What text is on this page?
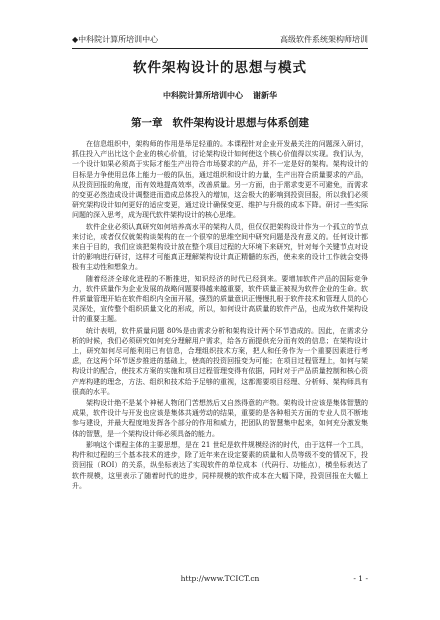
◆中科院计算所培训中心	高级软件系统架构师培训
软件架构设计的思想与模式
中科院计算所培训中心 谢新华
第一章 软件架构设计思想与体系创建

在信息组织中，架构师的作用是举足轻重的。本课程针对企业开发最关注的问题深入研讨，抓住投入产出比这个企业的核心价值，讨论架构设计如何使这个核心价值得以实现。我们认为，一个设计如果必须高于实际才能生产出符合市场要求的产品，并不一定是好的架构。架构设计的目标是力争使用总体上能力一般的队伍，通过组织和设计的力量，生产出符合质量要求的产品，从投资回报的角度，而有效地提高效率，改善质量。另一方面，由于需求变更不可避免，而需求的变更必然造成设计调整进而造成总体投入的增加，这会极大的影响到投资回报，所以我们必须研究架构设计如何更好的适应变更，通过设计确保变更、维护与升级的成本下降。研讨一些实际问题的深入思考，成为现代软件架构设计的核心思维。

软件企业必须认真研究如何培养高水平的架构人员，但仅仅把架构设计作为一个孤立的节点来讨论，或者仅仅就架构谈架构的在一个很窄的思维空间中研究问题是没有意义的。任何设计都来自于目的，我们应该把架构设计放在整个项目过程的大环境下来研究，针对每个关键节点对设计的影响进行研讨，这样才可能真正理解架构设计真正精髓的东西，使未来的设计工作就会变得极有主动性和想象力。

随着经济全球化进程的不断推进，知识经济的时代已经到来。要增加软件产品的国际竞争力，软件质量作为企业发展的战略问题要得越来越重要，软件质量正被视为软件企业的生命。软件质量管理开始在软件组织内全面开展，强烈的质量意识正慢慢扎根于软件技术和管理人员的心灵深处，宣传整个组织质量文化的形成，所以，如何设计高质量的软件产品，也成为软件架构设计的重要主题。

统计表明，软件质量问题 80%是由需求分析和架构设计两个环节造成的。因此，在需求分析的时候，我们必须研究如何充分理解用户需求，给各方面提供充分而有效的信息；在架构设计上，研究如何尽可能利用已有信息，合理组织技术方案，把人和任务作为一个重要因素进行考虑，在这两个环节逐步推进的基础上，使高的投资回报变为可能；在项目过程管理上，如何与架构设计的配合，使技术方案的实施和项目过程管理变得有依据，同时对于产品质量控制和核心资产库构建的理念，方法、组织和技术给予足够的重视，这都需要项目经理、分析师、架构师具有很高的水平。

架构设计绝不是某个神秘人物闭门苦想然后又自然得意的产物。架构设计应该是集体智慧的成果，软件设计与开发也应该是集体共通劳动的结果，重要的是各种相关方面的专业人员不断地参与建设，并最大程度地发挥各个部分的作用和威力，把团队的智慧集中起来，如何充分激发集体的智慧，是一个架构设计师必须具备的能力。

影响这个课程主体的主要思想，是在 21 世纪是软件规模经济的时代，由于这样一个工具，构件和过程的三个基本技术的进步，除了近年来在设定要素的质量和人员等级不变的情况下，投资回报（ROI）的关系，纵坐标表达了实现软件的单位成本（代码行、功能点），横坐标表达了软件规模，这里表示了随着时代的进步，同样规模的软件成本在大幅下降，投资回报在大幅上升。

http://www.TCICT.cn	- 1 -
